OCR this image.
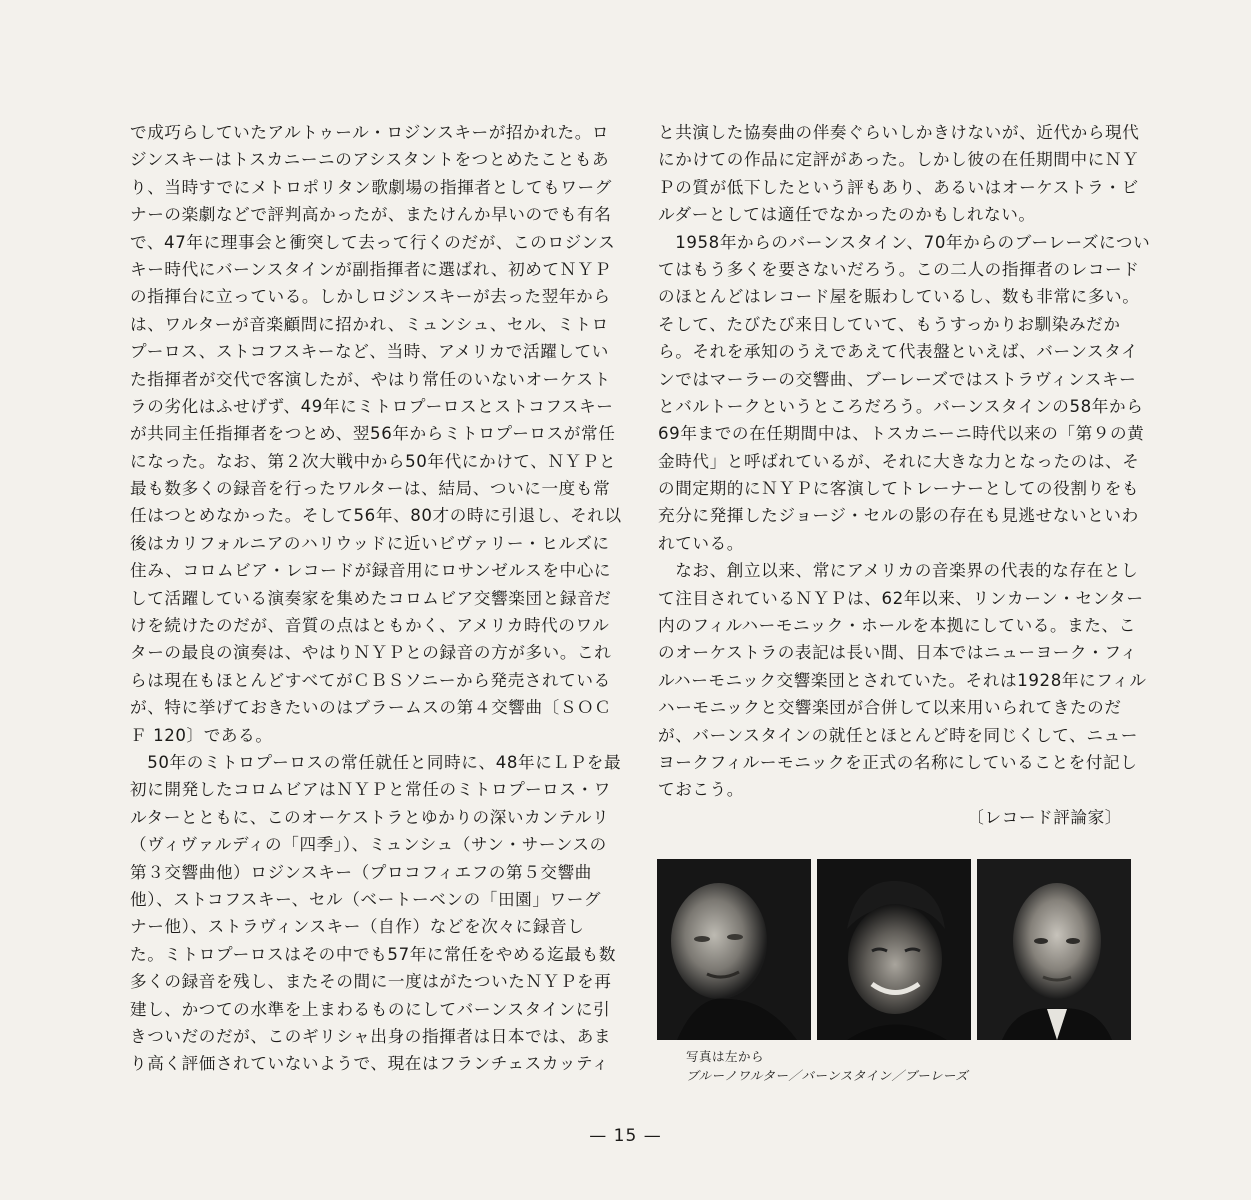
で成巧らしていたアルトゥール・ロジンスキーが招かれた。ロ
ジンスキーはトスカニーニのアシスタントをつとめたこともあ
り、当時すでにメトロポリタン歌劇場の指揮者としてもワーグ
ナーの楽劇などで評判高かったが、またけんか早いのでも有名
で、47年に理事会と衝突して去って行くのだが、このロジンス
キー時代にバーンスタインが副指揮者に選ばれ、初めてＮＹＰ
の指揮台に立っている。しかしロジンスキーが去った翌年から
は、ワルターが音楽顧問に招かれ、ミュンシュ、セル、ミトロ
プーロス、ストコフスキーなど、当時、アメリカで活躍してい
た指揮者が交代で客演したが、やはり常任のいないオーケスト
ラの劣化はふせげず、49年にミトロプーロスとストコフスキー
が共同主任指揮者をつとめ、翌56年からミトロプーロスが常任
になった。なお、第２次大戦中から50年代にかけて、ＮＹＰと
最も数多くの録音を行ったワルターは、結局、ついに一度も常
任はつとめなかった。そして56年、80才の時に引退し、それ以
後はカリフォルニアのハリウッドに近いビヴァリー・ヒルズに
住み、コロムビア・レコードが録音用にロサンゼルスを中心に
して活躍している演奏家を集めたコロムビア交響楽団と録音だ
けを続けたのだが、音質の点はともかく、アメリカ時代のワル
ターの最良の演奏は、やはりＮＹＰとの録音の方が多い。これ
らは現在もほとんどすべてがＣＢＳソニーから発売されている
が、特に挙げておきたいのはブラームスの第４交響曲〔ＳＯＣ
Ｆ 120〕である。
　50年のミトロプーロスの常任就任と同時に、48年にＬＰを最
初に開発したコロムビアはＮＹＰと常任のミトロプーロス・ワ
ルターとともに、このオーケストラとゆかりの深いカンテルリ
（ヴィヴァルディの「四季」）、ミュンシュ（サン・サーンスの
第３交響曲他）ロジンスキー（プロコフィエフの第５交響曲
他）、ストコフスキー、セル（ベートーベンの「田園」ワーグ
ナー他）、ストラヴィンスキー（自作）などを次々に録音し
た。ミトロプーロスはその中でも57年に常任をやめる迄最も数
多くの録音を残し、またその間に一度はがたついたＮＹＰを再
建し、かつての水準を上まわるものにしてバーンスタインに引
きついだのだが、このギリシャ出身の指揮者は日本では、あま
り高く評価されていないようで、現在はフランチェスカッティ
と共演した協奏曲の伴奏ぐらいしかきけないが、近代から現代
にかけての作品に定評があった。しかし彼の在任期間中にＮＹ
Ｐの質が低下したという評もあり、あるいはオーケストラ・ビ
ルダーとしては適任でなかったのかもしれない。
　1958年からのバーンスタイン、70年からのブーレーズについ
てはもう多くを要さないだろう。この二人の指揮者のレコード
のほとんどはレコード屋を賑わしているし、数も非常に多い。
そして、たびたび来日していて、もうすっかりお馴染みだか
ら。それを承知のうえであえて代表盤といえば、バーンスタイ
ンではマーラーの交響曲、ブーレーズではストラヴィンスキー
とバルトークというところだろう。バーンスタインの58年から
69年までの在任期間中は、トスカニーニ時代以来の「第９の黄
金時代」と呼ばれているが、それに大きな力となったのは、そ
の間定期的にＮＹＰに客演してトレーナーとしての役割りをも
充分に発揮したジョージ・セルの影の存在も見逃せないといわ
れている。
　なお、創立以来、常にアメリカの音楽界の代表的な存在とし
て注目されているＮＹＰは、62年以来、リンカーン・センター
内のフィルハーモニック・ホールを本拠にしている。また、こ
のオーケストラの表記は長い間、日本ではニューヨーク・フィ
ルハーモニック交響楽団とされていた。それは1928年にフィル
ハーモニックと交響楽団が合併して以来用いられてきたのだ
が、バーンスタインの就任とほとんど時を同じくして、ニュー
ヨークフィルーモニックを正式の名称にしていることを付記し
ておこう。
〔レコード評論家〕
写真は左から
ブルーノワルター／バーンスタイン／ブーレーズ
— 15 —
